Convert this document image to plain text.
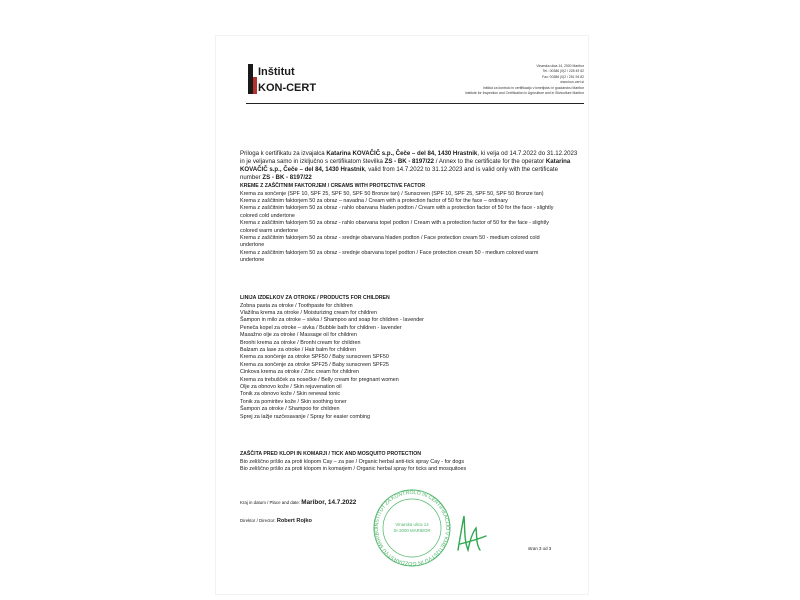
Inštitut
KON-CERT
Vinarska ulica 14, 2000 Maribor
Tel.: 00386 (0)2 / 228 49 52
Fax: 00386 (0)2 / 251 94 82
www.kon-cert.si
Inštitut za kontrolo in certifikacijo v kmetijstvu in gozdarstvu Maribor
Institute for Inspection and Certification in Agriculture and in Silviculture Maribor

Priloga k certifikatu za izvajalca Katarina KOVAČIČ s.p., Čeče – del 84, 1430 Hrastnik, ki velja od 14.7.2022 do 31.12.2023 in je veljavna samo in izključno s certifikatom številka ZS - BK - 8197/22 / Annex to the certificate for the operator Katarina KOVAČIČ s.p., Čeče – del 84, 1430 Hrastnik, valid from 14.7.2022 to 31.12.2023 and is valid only with the certificate number ZS - BK - 8197/22

KREME Z ZAŠČITNIM FAKTORJEM / CREAMS WITH PROTECTIVE FACTOR
Krema za sončenje (SPF 10, SPF 25, SPF 50, SPF 50 Bronze tan) / Sunscreen (SPF 10, SPF 25, SPF 50, SPF 50 Bronze tan)
Krema z zaščitnim faktorjem 50 za obraz – navadna / Cream with a protection factor of 50 for the face – ordinary
Krema z zaščitnim faktorjem 50 za obraz - rahlo obarvana hladen podton / Cream with a protection factor of 50 for the face - slightly colored cold undertone
Krema z zaščitnim faktorjem 50 za obraz - rahlo obarvana topel podton / Cream with a protection factor of 50 for the face - slightly colored warm undertone
Krema z zaščitnim faktorjem 50 za obraz - srednje obarvana hladen podton / Face protection cream 50 - medium colored cold undertone
Krema z zaščitnim faktorjem 50 za obraz - srednje obarvana topel podton / Face protection cream 50 - medium colored warm undertone
LINIJA IZDELKOV ZA OTROKE / PRODUCTS FOR CHILDREN
Zobna pasta za otroke / Toothpaste for children
Vlažilna krema za otroke / Moisturizing cream for children
Šampon in milo za otroke – sivka / Shampoo and soap for children - lavender
Peneča kopel za otroke – sivka / Bubble bath for children - lavender
Masažno olje za otroke / Massage oil for children
Bronhi krema za otroke / Bronhi cream for children
Balzam za lase za otroke / Hair balm for children
Krema za sončenje za otroke SPF50 / Baby sunscreen SPF50
Krema za sončenje za otroke SPF25 / Baby sunscreen SPF25
Cinkova krema za otroke / Zinc cream for children
Krema za trebušček za nosečke / Belly cream for pregnant women
Olje za obnovo kože / Skin rejuvenation oil
Tonik za obnovo kože / Skin renewal tonic
Tonik za pomiritev kože / Skin soothing toner
Šampon za otroke / Shampoo for children
Sprej za lažje razčesavanje / Spray for easier combing
ZAŠČITA PRED KLOPI IN KOMARJI / TICK AND MOSQUITO PROTECTION
Bio zeliščno pršilo za proti klopom Cay – za pse / Organic herbal anti-tick spray Cay - for dogs
Bio zeliščno pršilo za proti klopom in komarjem / Organic herbal spray for ticks and mosquitoes
Kraj in datum / Place and date: Maribor, 14.7.2022
Direktor / Director: Robert Rojko
INŠTITUT ZA KONTROLO IN CERTIFIKACIJO V KMETIJSTVU IN GOZDARSTVU MARIBO
Vinarska ulica 14
SI-2000 MARIBOR
stran 3 od 3
